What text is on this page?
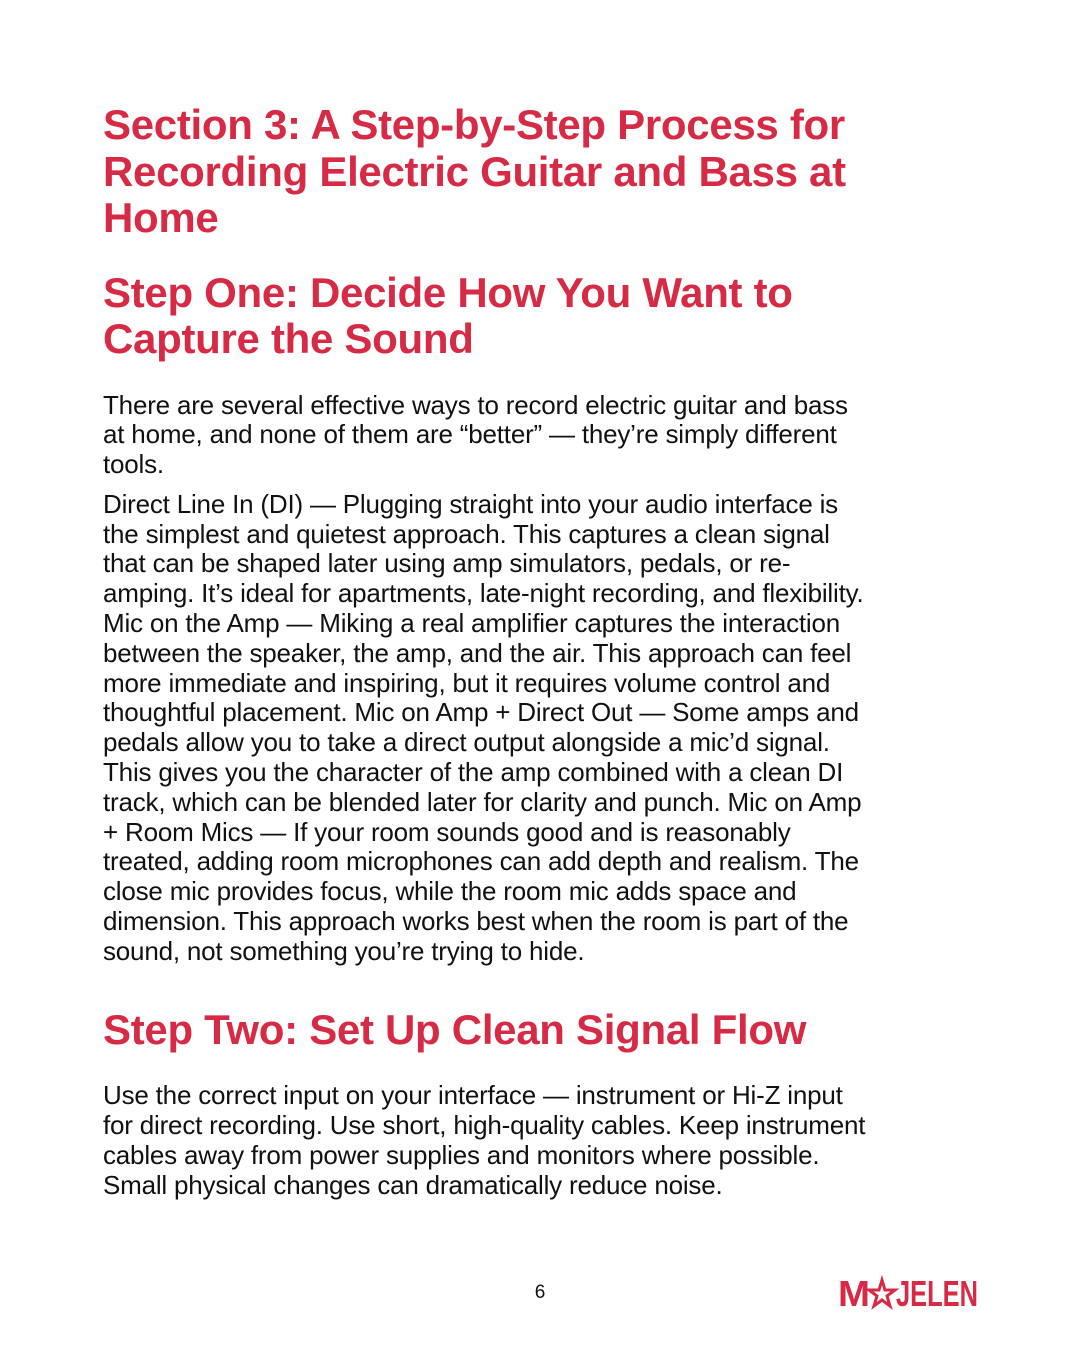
Section 3: A Step-by-Step Process for
Recording Electric Guitar and Bass at
Home
Step One: Decide How You Want to
Capture the Sound
There are several effective ways to record electric guitar and bass
at home, and none of them are “better” — they’re simply different
tools.
Direct Line In (DI) — Plugging straight into your audio interface is
the simplest and quietest approach. This captures a clean signal
that can be shaped later using amp simulators, pedals, or re-
amping. It’s ideal for apartments, late-night recording, and flexibility.
Mic on the Amp — Miking a real amplifier captures the interaction
between the speaker, the amp, and the air. This approach can feel
more immediate and inspiring, but it requires volume control and
thoughtful placement. Mic on Amp + Direct Out — Some amps and
pedals allow you to take a direct output alongside a mic’d signal.
This gives you the character of the amp combined with a clean DI
track, which can be blended later for clarity and punch. Mic on Amp
+ Room Mics — If your room sounds good and is reasonably
treated, adding room microphones can add depth and realism. The
close mic provides focus, while the room mic adds space and
dimension. This approach works best when the room is part of the
sound, not something you’re trying to hide.
Step Two: Set Up Clean Signal Flow
Use the correct input on your interface — instrument or Hi-Z input
for direct recording. Use short, high-quality cables. Keep instrument
cables away from power supplies and monitors where possible.
Small physical changes can dramatically reduce noise.
6	M JELEN
